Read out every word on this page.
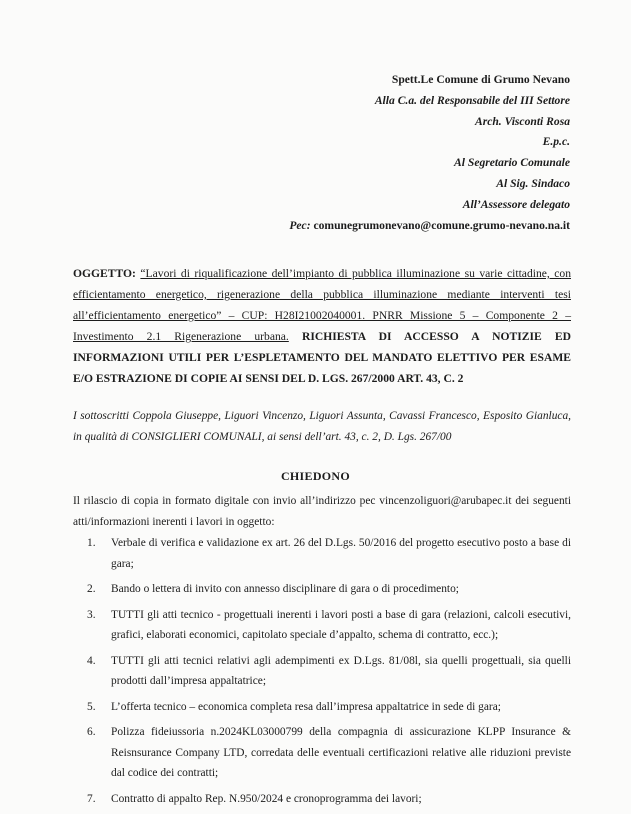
Spett.Le Comune di Grumo Nevano
Alla C.a. del Responsabile del III Settore
Arch. Visconti Rosa
E.p.c.
Al Segretario Comunale
Al Sig. Sindaco
All’Assessore delegato
Pec: comunegrumonevano@comune.grumo-nevano.na.it
OGGETTO: “Lavori di riqualificazione dell’impianto di pubblica illuminazione su varie cittadine, con efficientamento energetico, rigenerazione della pubblica illuminazione mediante interventi tesi all’efficientamento energetico” – CUP: H28I21002040001. PNRR Missione 5 – Componente 2 – Investimento 2.1 Rigenerazione urbana. RICHIESTA DI ACCESSO A NOTIZIE ED INFORMAZIONI UTILI PER L’ESPLETAMENTO DEL MANDATO ELETTIVO PER ESAME E/O ESTRAZIONE DI COPIE AI SENSI DEL D. LGS. 267/2000 ART. 43, C. 2
I sottoscritti Coppola Giuseppe, Liguori Vincenzo, Liguori Assunta, Cavassi Francesco, Esposito Gianluca, in qualità di CONSIGLIERI COMUNALI, ai sensi dell’art. 43, c. 2, D. Lgs. 267/00
CHIEDONO
Il rilascio di copia in formato digitale con invio all’indirizzo pec vincenzoliguori@arubapec.it dei seguenti atti/informazioni inerenti i lavori in oggetto:
1. Verbale di verifica e validazione ex art. 26 del D.Lgs. 50/2016 del progetto esecutivo posto a base di gara;
2. Bando o lettera di invito con annesso disciplinare di gara o di procedimento;
3. TUTTI gli atti tecnico - progettuali inerenti i lavori posti a base di gara (relazioni, calcoli esecutivi, grafici, elaborati economici, capitolato speciale d’appalto, schema di contratto, ecc.);
4. TUTTI gli atti tecnici relativi agli adempimenti ex D.Lgs. 81/08l, sia quelli progettuali, sia quelli prodotti dall’impresa appaltatrice;
5. L’offerta tecnico – economica completa resa dall’impresa appaltatrice in sede di gara;
6. Polizza fideiussoria n.2024KL03000799 della compagnia di assicurazione KLPP Insurance & Reisnsurance Company LTD, corredata delle eventuali certificazioni relative alle riduzioni previste dal codice dei contratti;
7. Contratto di appalto Rep. N.950/2024 e cronoprogramma dei lavori;
